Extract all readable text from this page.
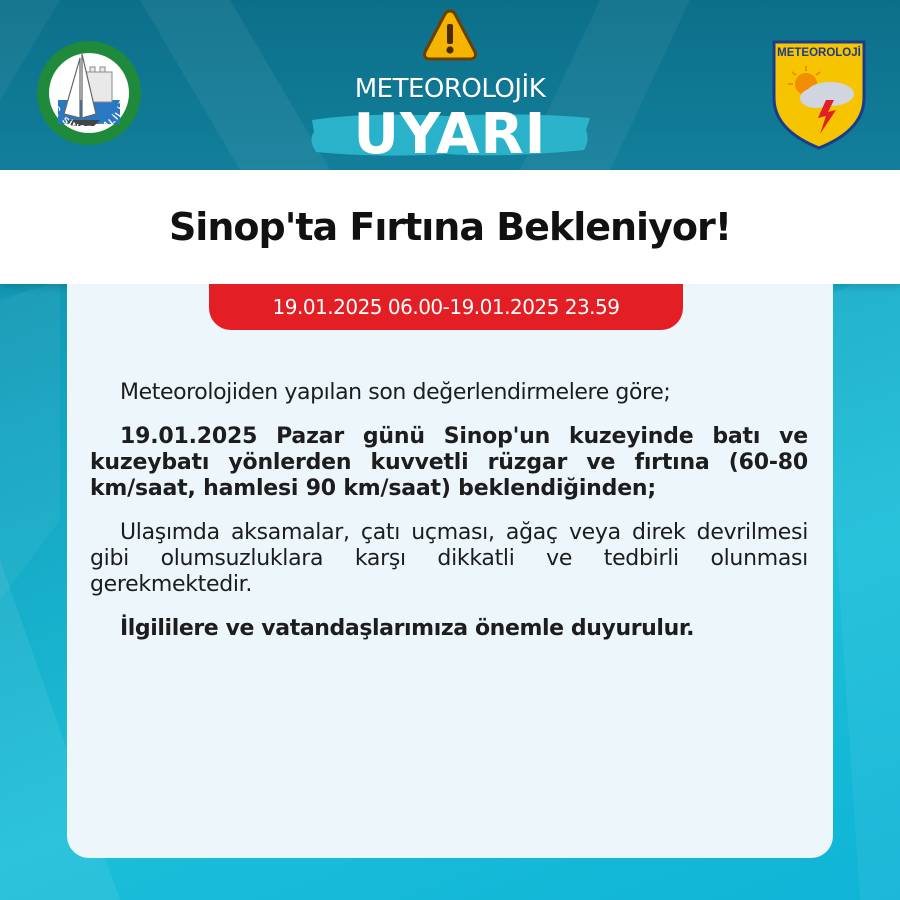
T.C. SİNOP VALİLİĞİ
METEOROLOJİ
METEOROLOJİK
UYARI
Sinop'ta Fırtına Bekleniyor!
19.01.2025 06.00-19.01.2025 23.59

Meteorolojiden yapılan son değerlendirmelere göre;

19.01.2025 Pazar günü Sinop'un kuzeyinde batı ve kuzeybatı yönlerden kuvvetli rüzgar ve fırtına (60-80 km/saat, hamlesi 90 km/saat) beklendiğinden;

Ulaşımda aksamalar, çatı uçması, ağaç veya direk devrilmesi gibi olumsuzluklara karşı dikkatli ve tedbirli olunması gerekmektedir.

İlgililere ve vatandaşlarımıza önemle duyurulur.
